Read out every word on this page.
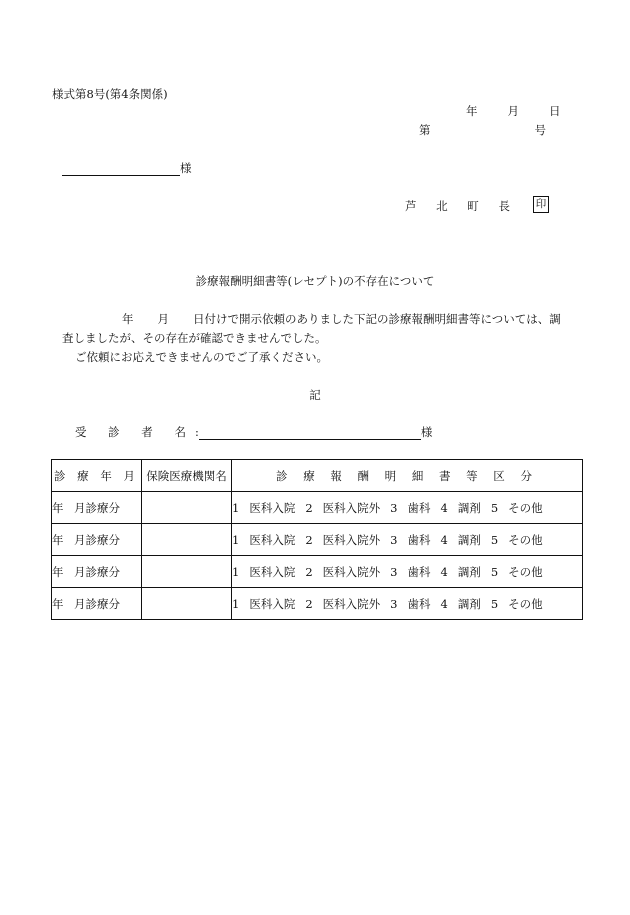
様式第8号(第4条関係)
年	月	日
第	号
様
芦 北 町 長 印
診療報酬明細書等(レセプト)の不存在について
年 月 日付けで開示依頼のありました下記の診療報酬明細書等については、調
査しましたが、その存在が確認できませんでした。
ご依頼にお応えできませんのでご了承ください。
記
受 診 者 名:	様
診 療 年 月	保険医療機関名	診 療 報 酬 明 細 書 等 区 分
年 月診療分		1 医科入院 2 医科入院外 3 歯科 4 調剤 5 その他
年 月診療分		1 医科入院 2 医科入院外 3 歯科 4 調剤 5 その他
年 月診療分		1 医科入院 2 医科入院外 3 歯科 4 調剤 5 その他
年 月診療分		1 医科入院 2 医科入院外 3 歯科 4 調剤 5 その他
